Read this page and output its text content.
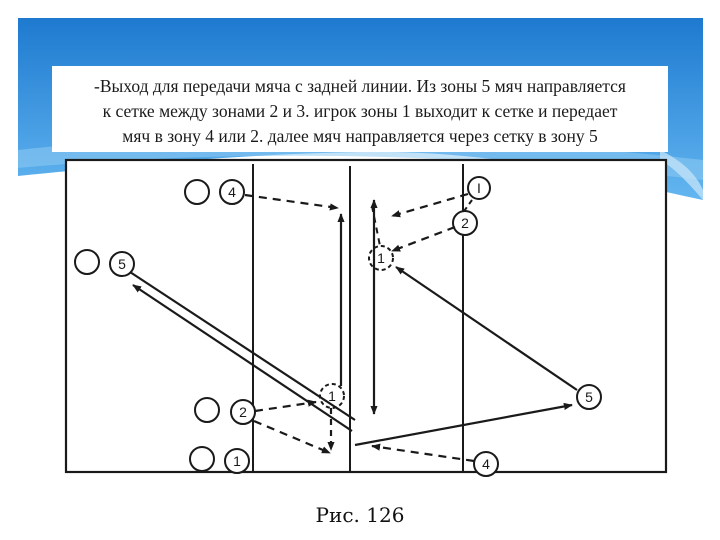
4
5
2
1
1
2
1
5
4
I
-Выход для передачи мяча с задней линии. Из зоны 5 мяч направляется
к сетке между зонами 2 и 3. игрок зоны 1 выходит к сетке и передает
мяч в зону 4 или 2. далее мяч направляется через сетку в зону 5
Рис. 126
